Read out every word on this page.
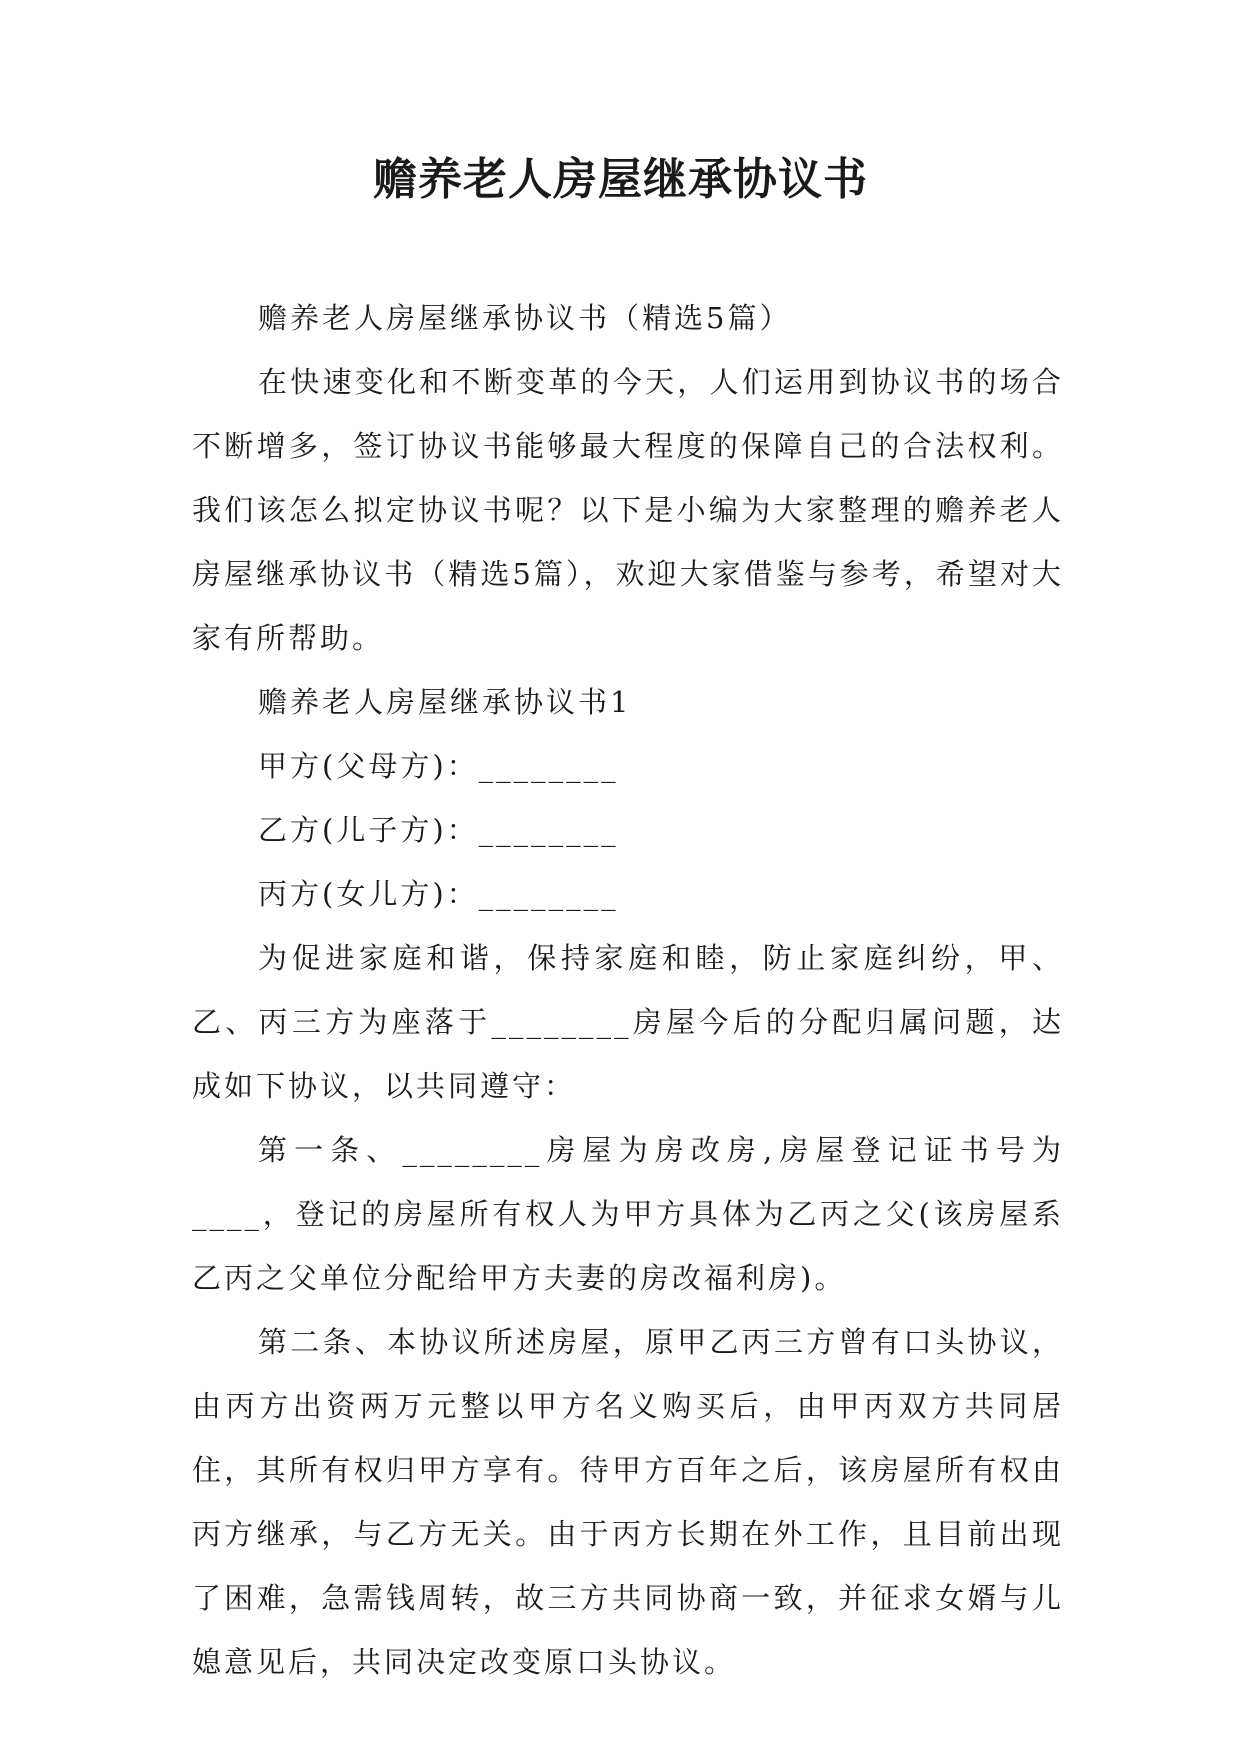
赡养老人房屋继承协议书

赡养老人房屋继承协议书（精选5篇）

在快速变化和不断变革的今天，人们运用到协议书的场合不断增多，签订协议书能够最大程度的保障自己的合法权利。我们该怎么拟定协议书呢？以下是小编为大家整理的赡养老人房屋继承协议书（精选5篇），欢迎大家借鉴与参考，希望对大家有所帮助。

赡养老人房屋继承协议书1

甲方(父母方)：________

乙方(儿子方)：________

丙方(女儿方)：________

为促进家庭和谐，保持家庭和睦，防止家庭纠纷，甲、乙、丙三方为座落于________房屋今后的分配归属问题，达成如下协议，以共同遵守：

第一条、________房屋为房改房,房屋登记证书号为____，登记的房屋所有权人为甲方具体为乙丙之父(该房屋系乙丙之父单位分配给甲方夫妻的房改福利房)。

第二条、本协议所述房屋，原甲乙丙三方曾有口头协议，由丙方出资两万元整以甲方名义购买后，由甲丙双方共同居住，其所有权归甲方享有。待甲方百年之后，该房屋所有权由丙方继承，与乙方无关。由于丙方长期在外工作，且目前出现了困难，急需钱周转，故三方共同协商一致，并征求女婿与儿媳意见后，共同决定改变原口头协议。
